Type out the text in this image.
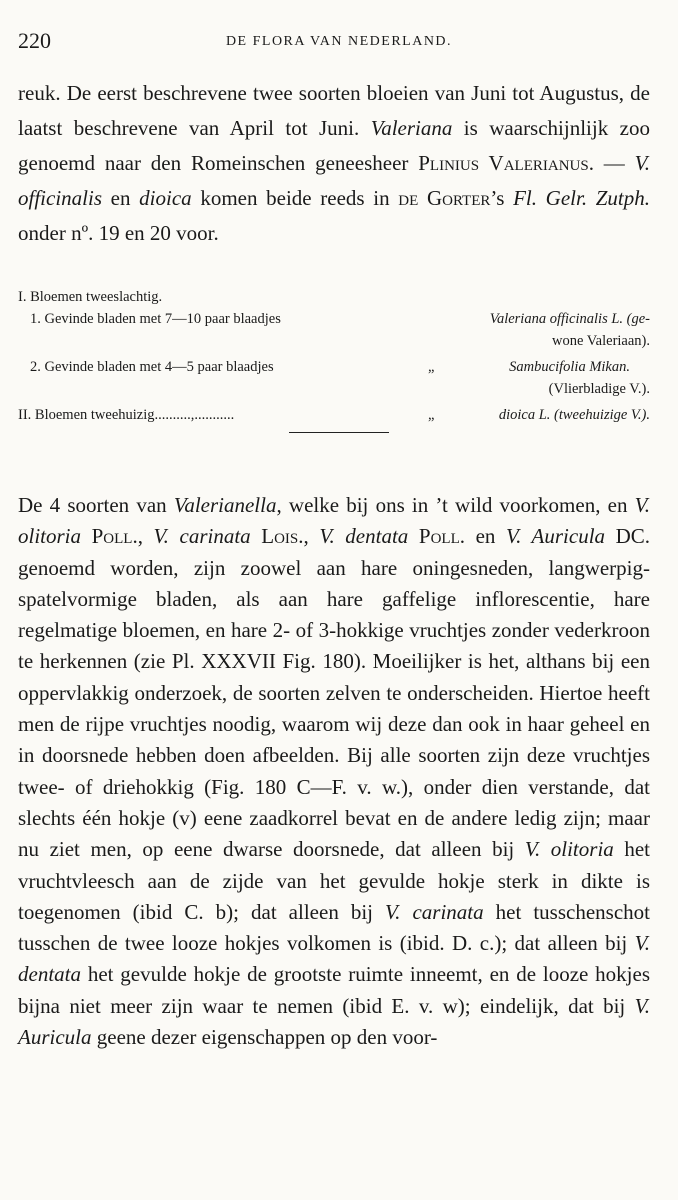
220	DE FLORA VAN NEDERLAND.

reuk. De eerst beschrevene twee soorten bloeien van Juni tot Augustus, de laatst beschrevene van April tot Juni. Valeriana is waarschijnlijk zoo genoemd naar den Romeinschen geneesheer Plinius Valerianus. — V. officinalis en dioica komen beide reeds in de Gorter’s Fl. Gelr. Zutph. onder nº. 19 en 20 voor.

I. Bloemen tweeslachtig.
1. Gevinde bladen met 7—10 paar blaadjes	Valeriana officinalis L. (ge-
wone Valeriaan).
2. Gevinde bladen met 4—5 paar blaadjes	„	Sambucifolia Mikan.
(Vlierbladige V.).
II. Bloemen tweehuizig..........,...........	„	dioica L. (tweehuizige V.).

De 4 soorten van Valerianella, welke bij ons in ’t wild voorkomen, en V. olitoria Poll., V. carinata Lois., V. dentata Poll. en V. Auricula DC. genoemd worden, zijn zoowel aan hare oningesneden, langwerpig-spatelvormige bladen, als aan hare gaffelige inflorescentie, hare regelmatige bloemen, en hare 2- of 3-hokkige vruchtjes zonder vederkroon te herkennen (zie Pl. XXXVII Fig. 180). Moeilijker is het, althans bij een oppervlakkig onderzoek, de soorten zelven te onderscheiden. Hiertoe heeft men de rijpe vruchtjes noodig, waarom wij deze dan ook in haar geheel en in doorsnede hebben doen afbeelden. Bij alle soorten zijn deze vruchtjes twee- of driehokkig (Fig. 180 C—F. v. w.), onder dien verstande, dat slechts één hokje (v) eene zaadkorrel bevat en de andere ledig zijn; maar nu ziet men, op eene dwarse doorsnede, dat alleen bij V. olitoria het vruchtvleesch aan de zijde van het gevulde hokje sterk in dikte is toegenomen (ibid C. b); dat alleen bij V. carinata het tusschenschot tusschen de twee looze hokjes volkomen is (ibid. D. c.); dat alleen bij V. dentata het gevulde hokje de grootste ruimte inneemt, en de looze hokjes bijna niet meer zijn waar te nemen (ibid E. v. w); eindelijk, dat bij V. Auricula geene dezer eigenschappen op den voor-
